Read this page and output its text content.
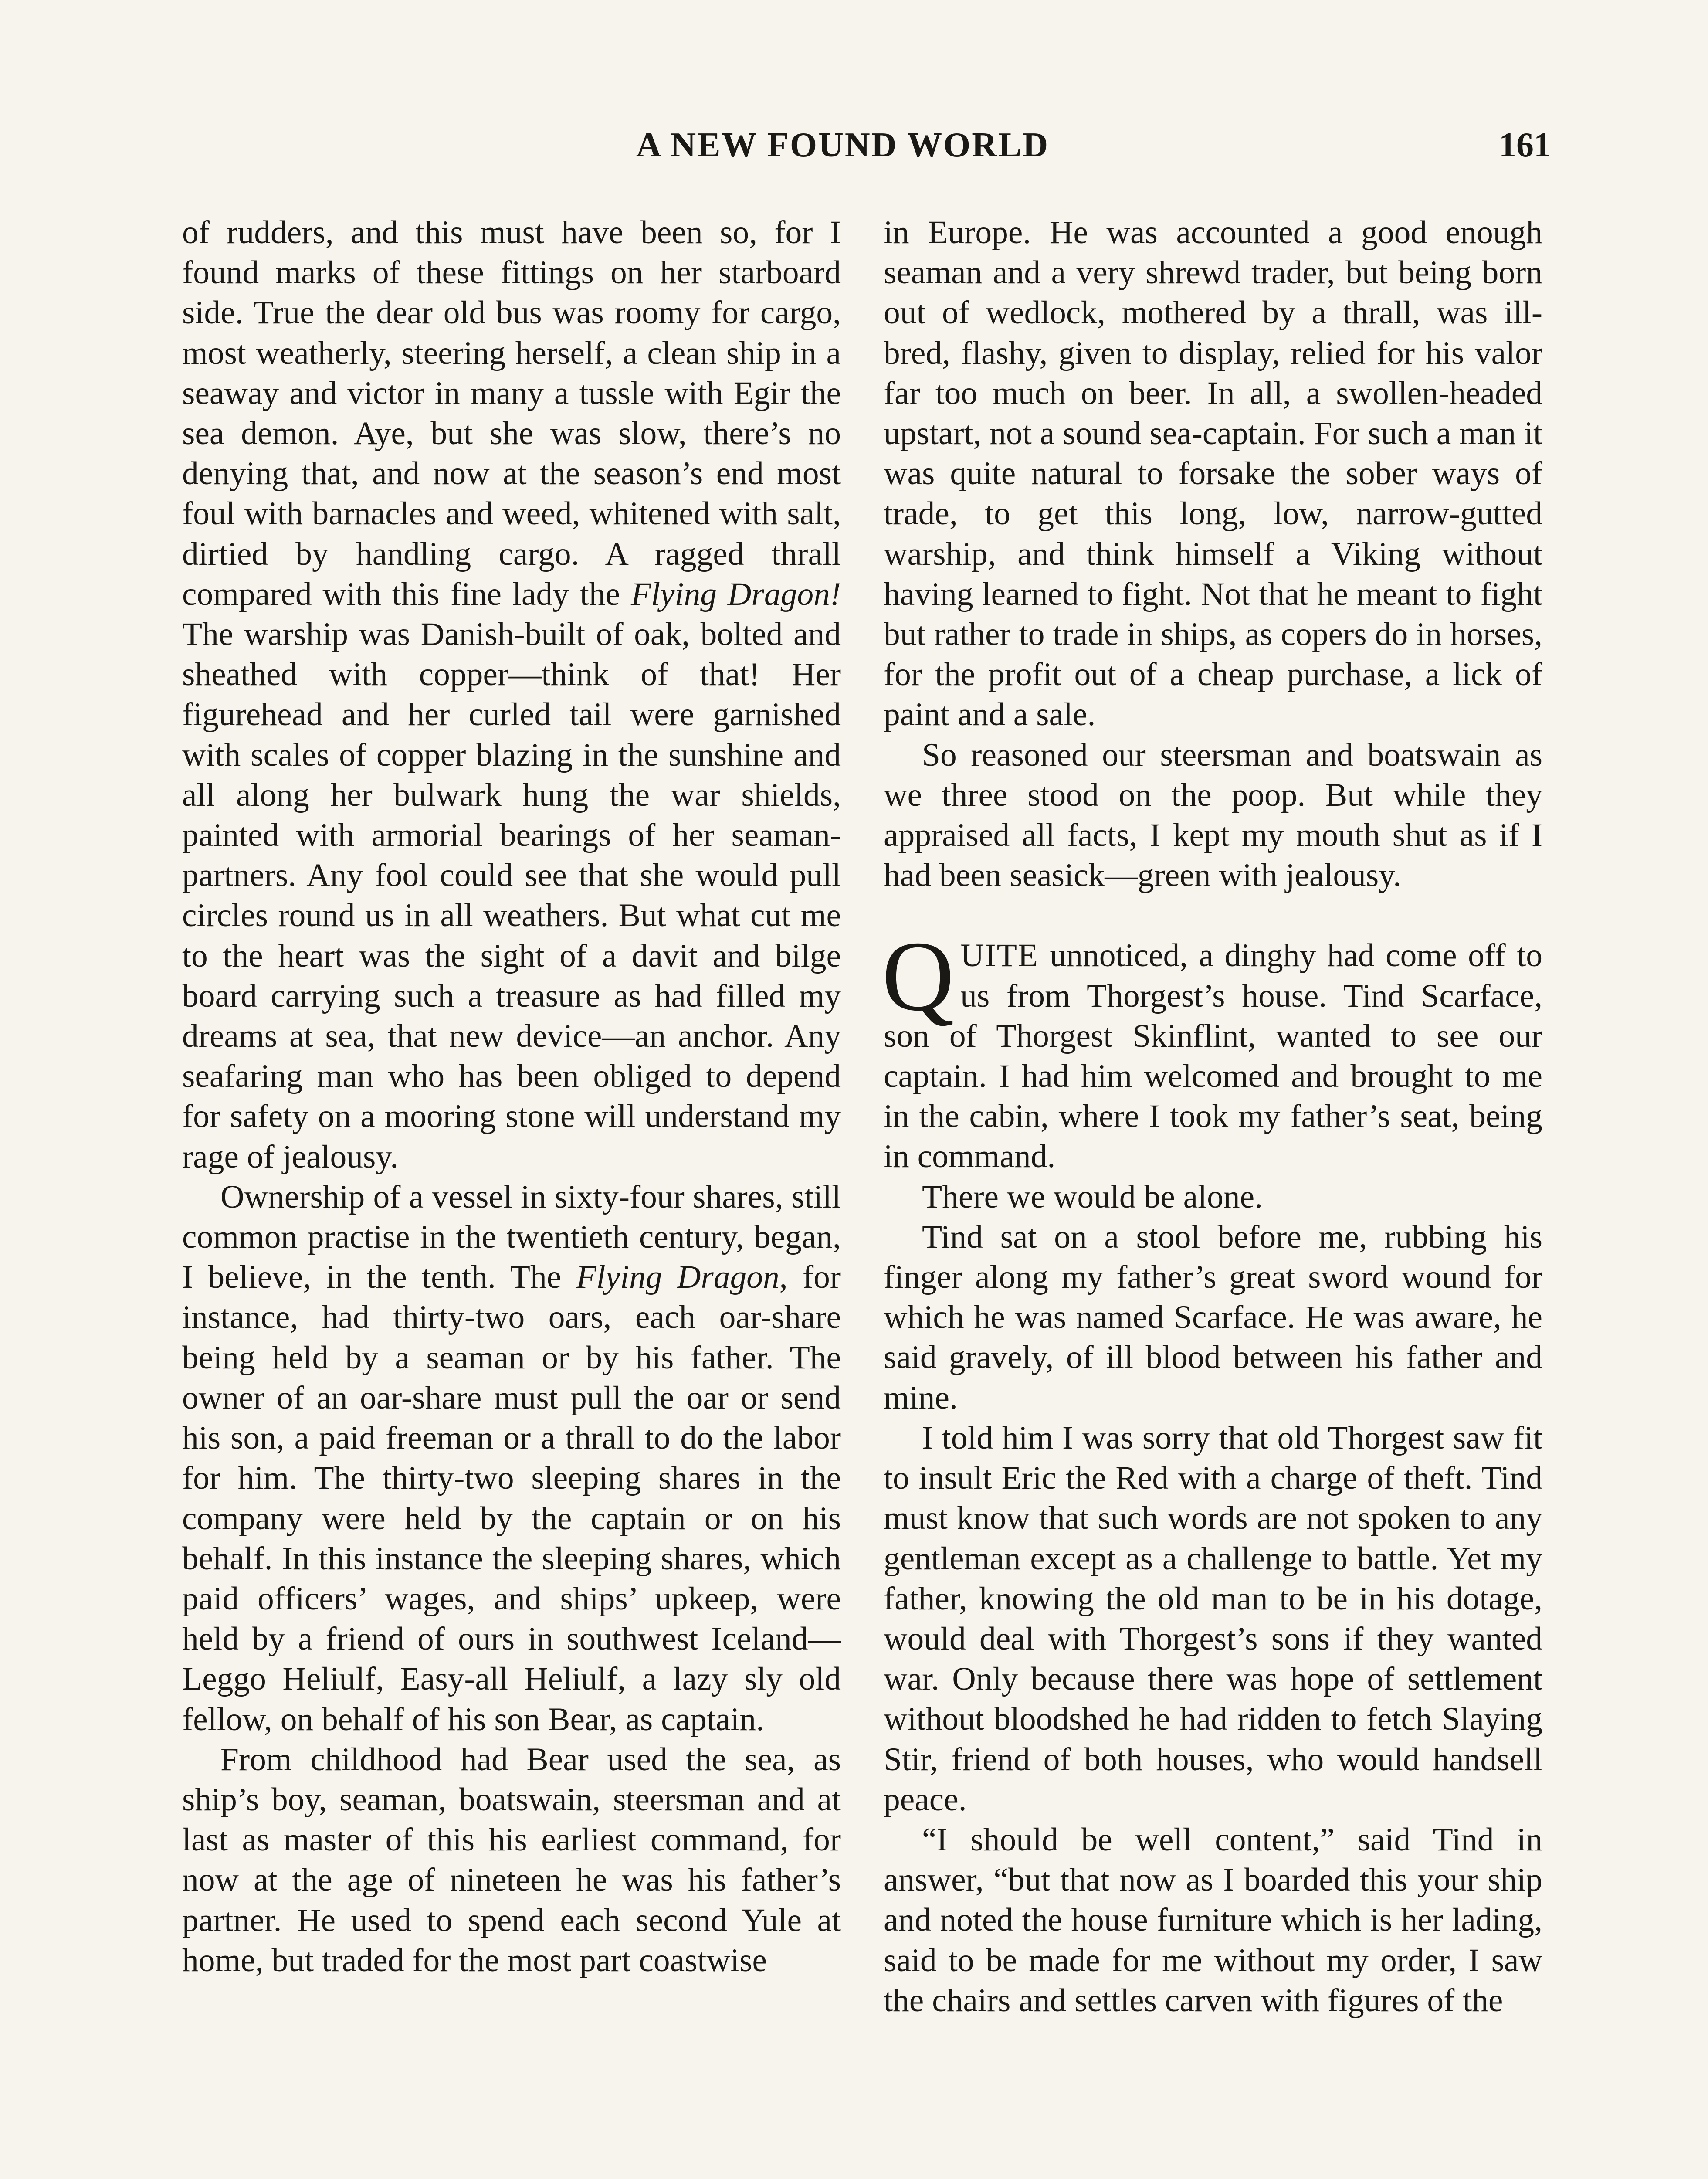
A NEW FOUND WORLD	161

of rudders, and this must have been so, for I found marks of these fittings on her starboard side. True the dear old bus was roomy for cargo, most weatherly, steering herself, a clean ship in a seaway and victor in many a tussle with Egir the sea demon. Aye, but she was slow, there’s no denying that, and now at the season’s end most foul with barnacles and weed, whitened with salt, dirtied by handling cargo. A ragged thrall compared with this fine lady the Flying Dragon! The warship was Danish-built of oak, bolted and sheathed with copper—think of that! Her figurehead and her curled tail were garnished with scales of copper blazing in the sunshine and all along her bulwark hung the war shields, painted with armorial bearings of her seaman-partners. Any fool could see that she would pull circles round us in all weathers. But what cut me to the heart was the sight of a davit and bilge board carrying such a treasure as had filled my dreams at sea, that new device—an anchor. Any seafaring man who has been obliged to depend for safety on a mooring stone will understand my rage of jealousy.

Ownership of a vessel in sixty-four shares, still common practise in the twentieth century, began, I believe, in the tenth. The Flying Dragon, for instance, had thirty-two oars, each oar-share being held by a seaman or by his father. The owner of an oar-share must pull the oar or send his son, a paid freeman or a thrall to do the labor for him. The thirty-two sleeping shares in the company were held by the captain or on his behalf. In this instance the sleeping shares, which paid officers’ wages, and ships’ upkeep, were held by a friend of ours in southwest Iceland—Leggo Heliulf, Easy-all Heliulf, a lazy sly old fellow, on behalf of his son Bear, as captain.

From childhood had Bear used the sea, as ship’s boy, seaman, boatswain, steersman and at last as master of this his earliest command, for now at the age of nineteen he was his father’s partner. He used to spend each second Yule at home, but traded for the most part coastwise

in Europe. He was accounted a good enough seaman and a very shrewd trader, but being born out of wedlock, mothered by a thrall, was ill-bred, flashy, given to display, relied for his valor far too much on beer. In all, a swollen-headed upstart, not a sound sea-captain. For such a man it was quite natural to forsake the sober ways of trade, to get this long, low, narrow-gutted warship, and think himself a Viking without having learned to fight. Not that he meant to fight but rather to trade in ships, as copers do in horses, for the profit out of a cheap purchase, a lick of paint and a sale.

So reasoned our steersman and boatswain as we three stood on the poop. But while they appraised all facts, I kept my mouth shut as if I had been seasick—green with jealousy.

QUITE unnoticed, a dinghy had come off to us from Thorgest’s house. Tind Scarface, son of Thorgest Skinflint, wanted to see our captain. I had him welcomed and brought to me in the cabin, where I took my father’s seat, being in command.

There we would be alone.

Tind sat on a stool before me, rubbing his finger along my father’s great sword wound for which he was named Scarface. He was aware, he said gravely, of ill blood between his father and mine.

I told him I was sorry that old Thorgest saw fit to insult Eric the Red with a charge of theft. Tind must know that such words are not spoken to any gentleman except as a challenge to battle. Yet my father, knowing the old man to be in his dotage, would deal with Thorgest’s sons if they wanted war. Only because there was hope of settlement without bloodshed he had ridden to fetch Slaying Stir, friend of both houses, who would handsell peace.

“I should be well content,” said Tind in answer, “but that now as I boarded this your ship and noted the house furniture which is her lading, said to be made for me without my order, I saw the chairs and settles carven with figures of the
